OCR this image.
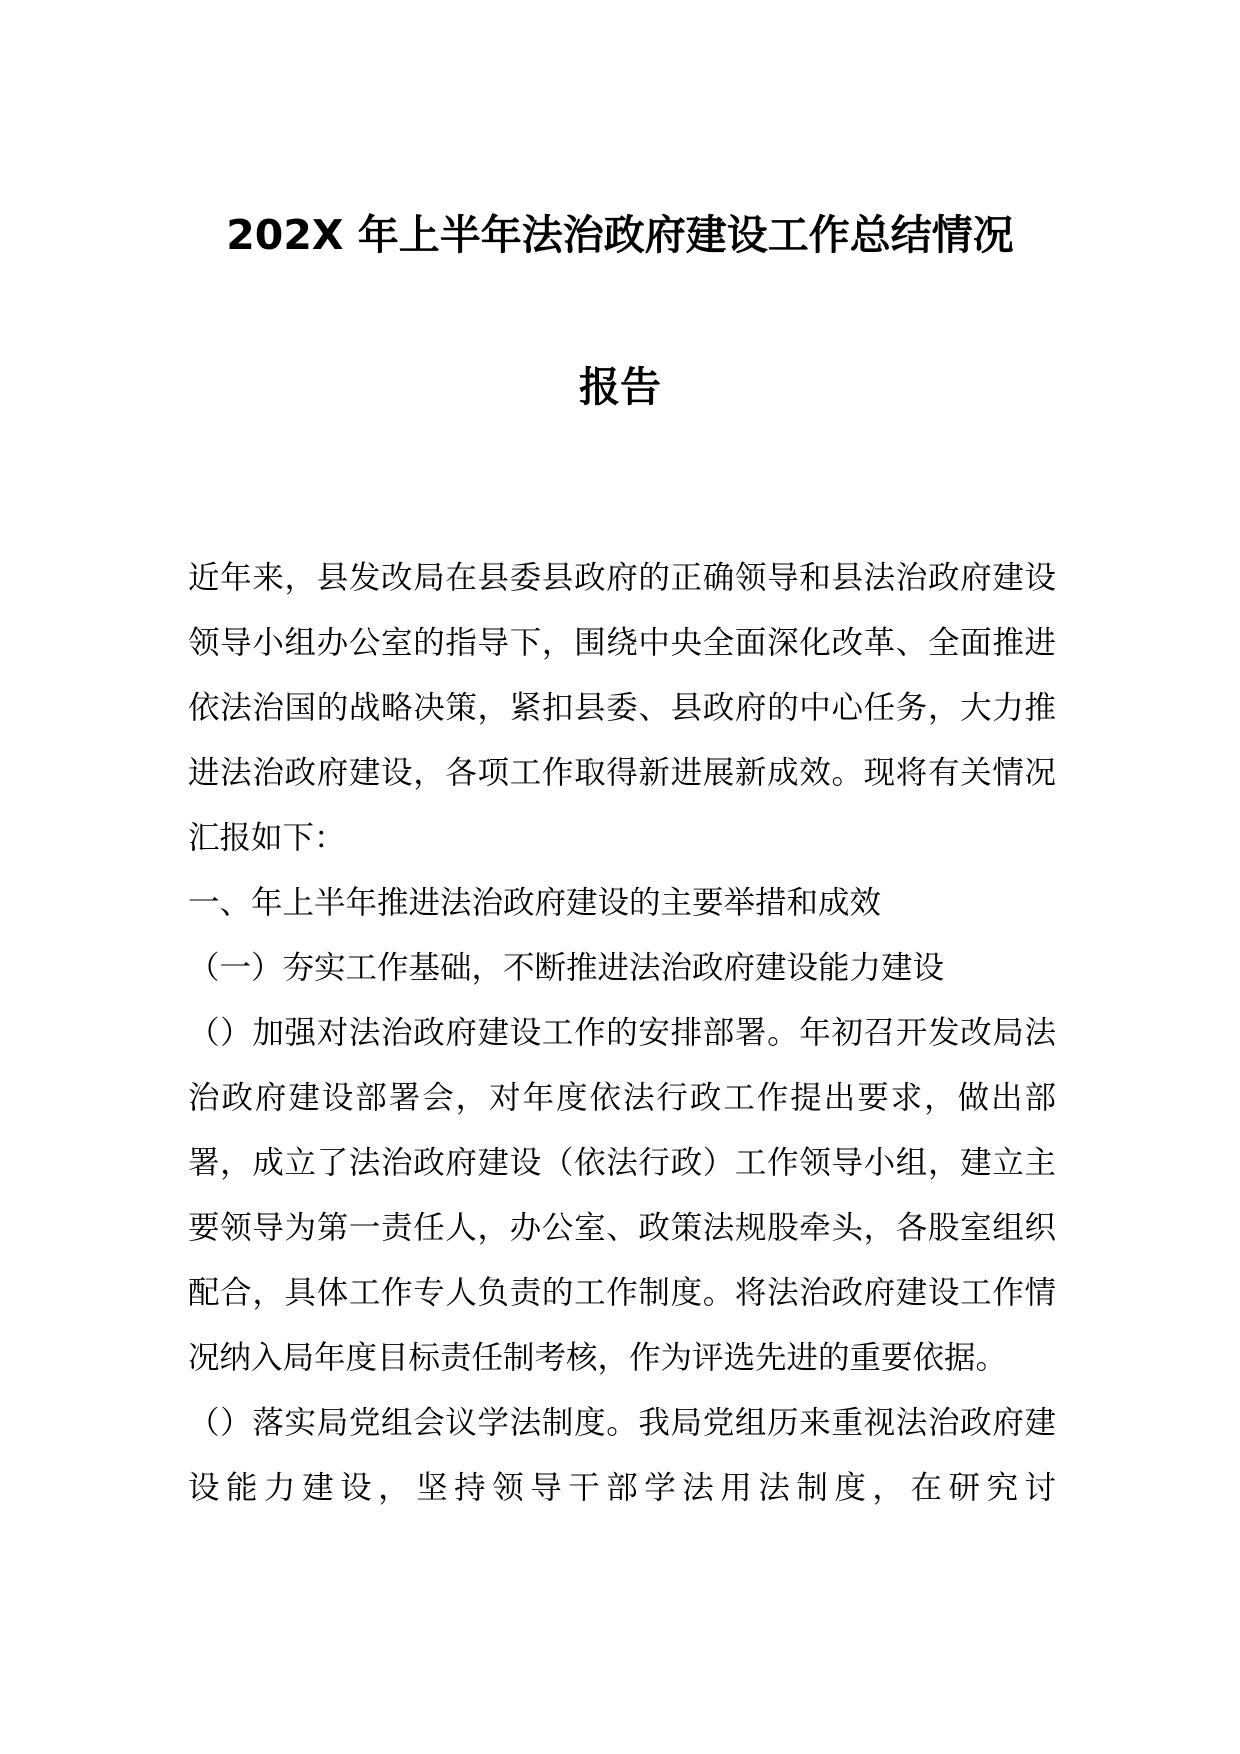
202X 年上半年法治政府建设工作总结情况
报告

近年来，县发改局在县委县政府的正确领导和县法治政府建设领导小组办公室的指导下，围绕中央全面深化改革、全面推进依法治国的战略决策，紧扣县委、县政府的中心任务，大力推进法治政府建设，各项工作取得新进展新成效。现将有关情况汇报如下：

一、年上半年推进法治政府建设的主要举措和成效

（一）夯实工作基础，不断推进法治政府建设能力建设

（）加强对法治政府建设工作的安排部署。年初召开发改局法治政府建设部署会，对年度依法行政工作提出要求，做出部署，成立了法治政府建设（依法行政）工作领导小组，建立主要领导为第一责任人，办公室、政策法规股牵头，各股室组织配合，具体工作专人负责的工作制度。将法治政府建设工作情况纳入局年度目标责任制考核，作为评选先进的重要依据。

（）落实局党组会议学法制度。我局党组历来重视法治政府建设能力建设，坚持领导干部学法用法制度，在研究讨
